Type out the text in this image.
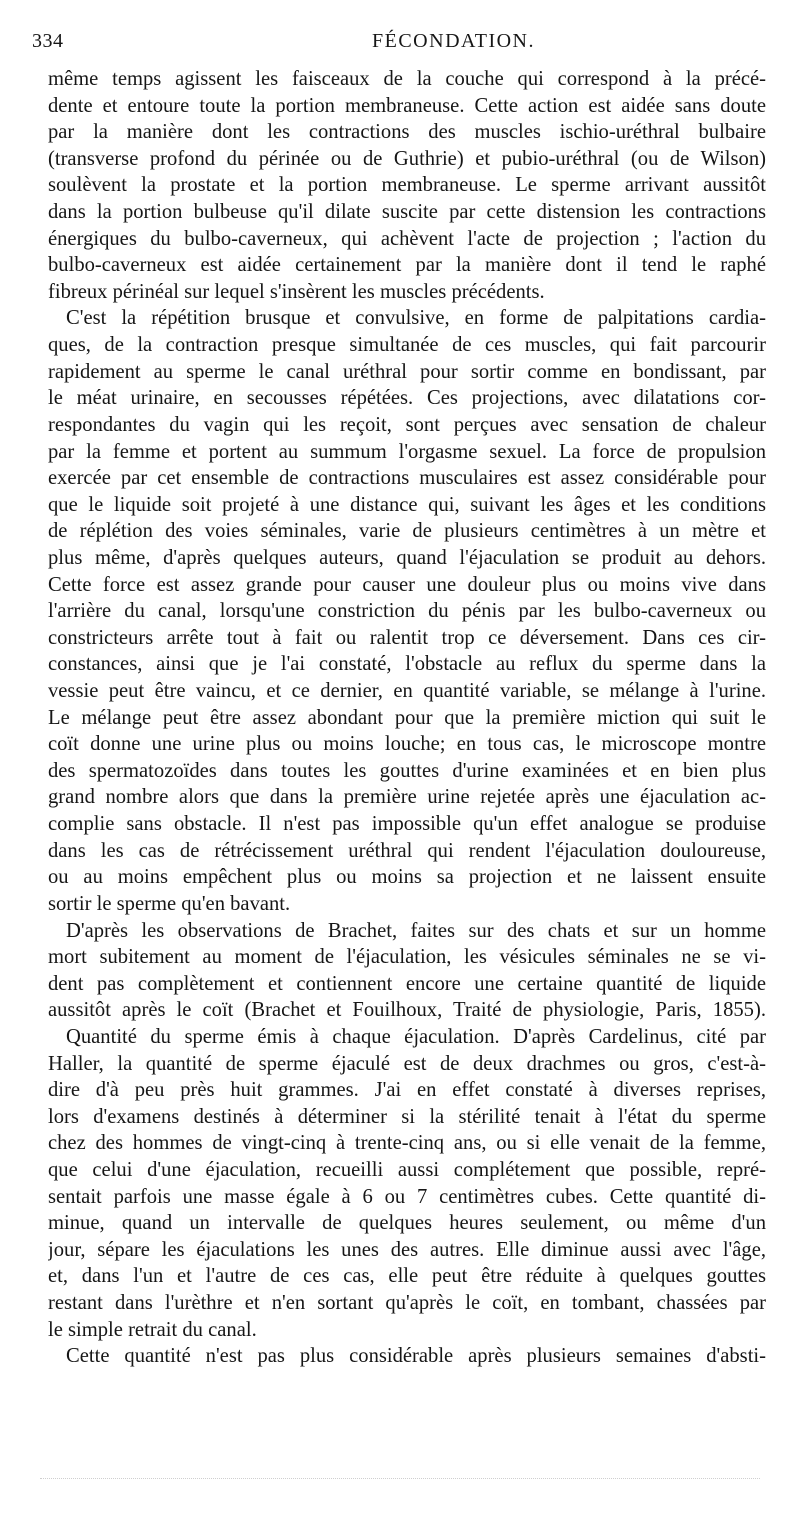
334	FÉCONDATION.
même temps agissent les faisceaux de la couche qui correspond à la précé-
dente et entoure toute la portion membraneuse. Cette action est aidée sans doute
par la manière dont les contractions des muscles ischio-uréthral bulbaire
(transverse profond du périnée ou de Guthrie) et pubio-uréthral (ou de Wilson)
soulèvent la prostate et la portion membraneuse. Le sperme arrivant aussitôt
dans la portion bulbeuse qu'il dilate suscite par cette distension les contractions
énergiques du bulbo-caverneux, qui achèvent l'acte de projection ; l'action du
bulbo-caverneux est aidée certainement par la manière dont il tend le raphé
fibreux périnéal sur lequel s'insèrent les muscles précédents.
C'est la répétition brusque et convulsive, en forme de palpitations cardia-
ques, de la contraction presque simultanée de ces muscles, qui fait parcourir
rapidement au sperme le canal uréthral pour sortir comme en bondissant, par
le méat urinaire, en secousses répétées. Ces projections, avec dilatations cor-
respondantes du vagin qui les reçoit, sont perçues avec sensation de chaleur
par la femme et portent au summum l'orgasme sexuel. La force de propulsion
exercée par cet ensemble de contractions musculaires est assez considérable pour
que le liquide soit projeté à une distance qui, suivant les âges et les conditions
de réplétion des voies séminales, varie de plusieurs centimètres à un mètre et
plus même, d'après quelques auteurs, quand l'éjaculation se produit au dehors.
Cette force est assez grande pour causer une douleur plus ou moins vive dans
l'arrière du canal, lorsqu'une constriction du pénis par les bulbo-caverneux ou
constricteurs arrête tout à fait ou ralentit trop ce déversement. Dans ces cir-
constances, ainsi que je l'ai constaté, l'obstacle au reflux du sperme dans la
vessie peut être vaincu, et ce dernier, en quantité variable, se mélange à l'urine.
Le mélange peut être assez abondant pour que la première miction qui suit le
coït donne une urine plus ou moins louche; en tous cas, le microscope montre
des spermatozoïdes dans toutes les gouttes d'urine examinées et en bien plus
grand nombre alors que dans la première urine rejetée après une éjaculation ac-
complie sans obstacle. Il n'est pas impossible qu'un effet analogue se produise
dans les cas de rétrécissement uréthral qui rendent l'éjaculation douloureuse,
ou au moins empêchent plus ou moins sa projection et ne laissent ensuite
sortir le sperme qu'en bavant.
D'après les observations de Brachet, faites sur des chats et sur un homme
mort subitement au moment de l'éjaculation, les vésicules séminales ne se vi-
dent pas complètement et contiennent encore une certaine quantité de liquide
aussitôt après le coït (Brachet et Fouilhoux, Traité de physiologie, Paris, 1855).
Quantité du sperme émis à chaque éjaculation. D'après Cardelinus, cité par
Haller, la quantité de sperme éjaculé est de deux drachmes ou gros, c'est-à-
dire d'à peu près huit grammes. J'ai en effet constaté à diverses reprises,
lors d'examens destinés à déterminer si la stérilité tenait à l'état du sperme
chez des hommes de vingt-cinq à trente-cinq ans, ou si elle venait de la femme,
que celui d'une éjaculation, recueilli aussi complétement que possible, repré-
sentait parfois une masse égale à 6 ou 7 centimètres cubes. Cette quantité di-
minue, quand un intervalle de quelques heures seulement, ou même d'un
jour, sépare les éjaculations les unes des autres. Elle diminue aussi avec l'âge,
et, dans l'un et l'autre de ces cas, elle peut être réduite à quelques gouttes
restant dans l'urèthre et n'en sortant qu'après le coït, en tombant, chassées par
le simple retrait du canal.
Cette quantité n'est pas plus considérable après plusieurs semaines d'absti-
